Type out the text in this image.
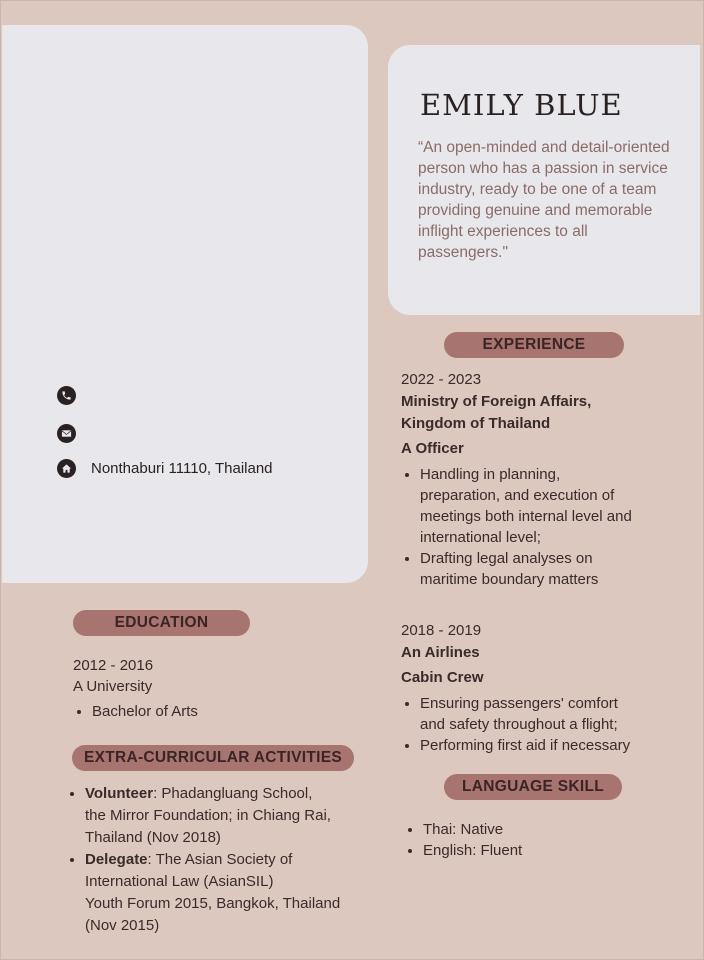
EMILY BLUE

“An open-minded and detail-oriented person who has a passion in service industry, ready to be one of a team providing genuine and memorable inflight experiences to all passengers."

Nonthaburi 11110, Thailand
EDUCATION

2012 - 2016

A University

• Bachelor of Arts
EXTRA-CURRICULAR ACTIVITIES
• Volunteer: Phadangluang School,
the Mirror Foundation; in Chiang Rai,
Thailand (Nov 2018)
• Delegate: The Asian Society of
International Law (AsianSIL)
Youth Forum 2015, Bangkok, Thailand
(Nov 2015)
EXPERIENCE

2022 - 2023

Ministry of Foreign Affairs,
Kingdom of Thailand

A Officer

• Handling in planning,
preparation, and execution of
meetings both internal level and
international level;
• Drafting legal analyses on
maritime boundary matters

2018 - 2019

An Airlines

Cabin Crew

• Ensuring passengers' comfort
and safety throughout a flight;
• Performing first aid if necessary
LANGUAGE SKILL
• Thai: Native
• English: Fluent
